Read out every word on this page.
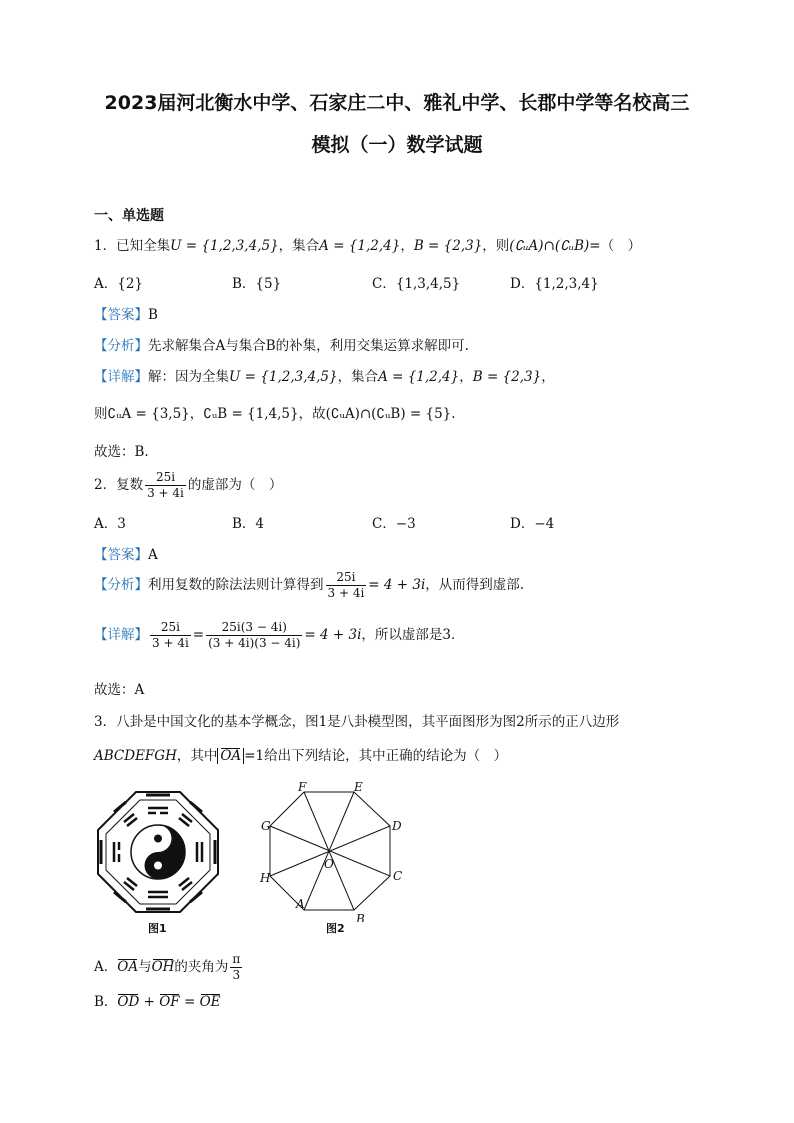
2023届河北衡水中学、石家庄二中、雅礼中学、长郡中学等名校高三
模拟（一）数学试题
一、单选题
1．已知全集U = {1,2,3,4,5}，集合A = {1,2,4}，B = {2,3}，则(∁ᵤA)∩(∁ᵤB)=（　）
A．{2}	B．{5}	C．{1,3,4,5}	D．{1,2,3,4}
【答案】B
【分析】先求解集合A与集合B的补集，利用交集运算求解即可.
【详解】解：因为全集U = {1,2,3,4,5}，集合A = {1,2,4}，B = {2,3}，
则∁ᵤA = {3,5}，∁ᵤB = {1,4,5}，故(∁ᵤA)∩(∁ᵤB) = {5}.
故选：B.
2．复数 $\frac{25i}{3 + 4i}$ 的虚部为（　）
A．3	B．4	C．−3	D．−4
【答案】A
【分析】利用复数的除法法则计算得到 $\frac{25i}{3 + 4i} = 4 + 3i$，从而得到虚部.
【详解】 $\frac{25i}{3 + 4i} = \frac{25i(3 - 4i)}{(3 + 4i)(3 - 4i)} = 4 + 3i$，所以虚部是3．
故选：A
3．八卦是中国文化的基本学概念，图1是八卦模型图，其平面图形为图2所示的正八边形
ABCDEFGH，其中 OA =1给出下列结论，其中正确的结论为（　）
图1
A
B
C
D
E
F
G
H
O
图2
A．OA与OH的夹角为 $\frac{\pi}{3}$
B．OD + OF = OE
